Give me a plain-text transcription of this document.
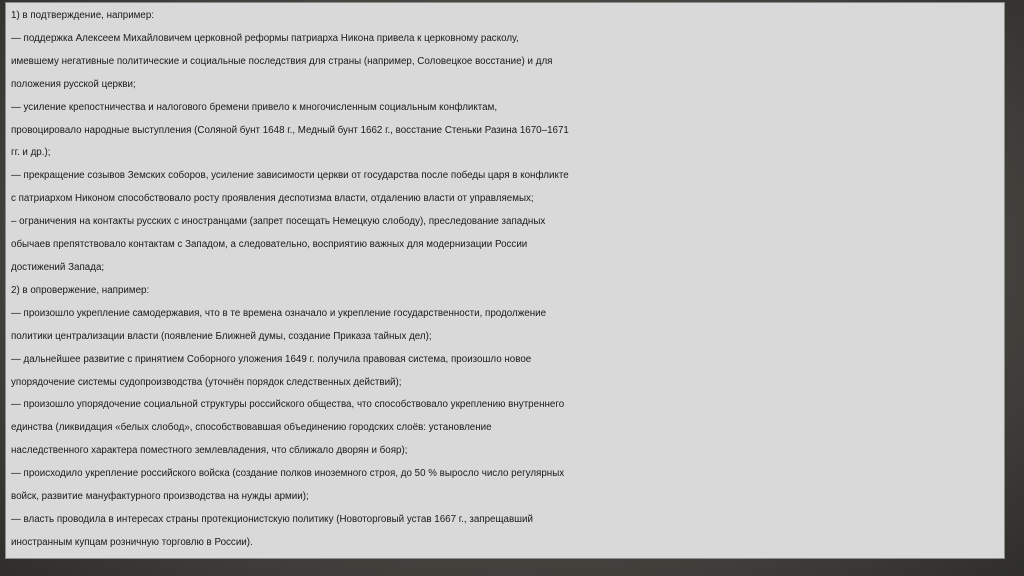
1) в подтверждение, например:
— поддержка Алексеем Михайловичем церковной реформы патриарха Никона привела к церковному расколу,
имевшему негативные политические и социальные последствия для страны (например, Соловецкое восстание) и для
положения русской церкви;
— усиление крепостничества и налогового бремени привело к многочисленным социальным конфликтам,
провоцировало народные выступления (Соляной бунт 1648 г., Медный бунт 1662 г., восстание Стеньки Разина 1670–1671
гг. и др.);
— прекращение созывов Земских соборов, усиление зависимости церкви от государства после победы царя в конфликте
с патриархом Никоном способствовало росту проявления деспотизма власти, отдалению власти от управляемых;
– ограничения на контакты русских с иностранцами (запрет посещать Немецкую слободу), преследование западных
обычаев препятствовало контактам с Западом, а следовательно, восприятию важных для модернизации России
достижений Запада;
2) в опровержение, например:
— произошло укрепление самодержавия, что в те времена означало и укрепление государственности, продолжение
политики централизации власти (появление Ближней думы, создание Приказа тайных дел);
— дальнейшее развитие с принятием Соборного уложения 1649 г. получила правовая система, произошло новое
упорядочение системы судопроизводства (уточнён порядок следственных действий);
— произошло упорядочение социальной структуры российского общества, что способствовало укреплению внутреннего
единства (ликвидация «белых слобод», способствовавшая объединению городских слоёв: установление
наследственного характера поместного землевладения, что сближало дворян и бояр);
— происходило укрепление российского войска (создание полков иноземного строя, до 50 % выросло число регулярных
войск, развитие мануфактурного производства на нужды армии);
— власть проводила в интересах страны протекционистскую политику (Новоторговый устав 1667 г., запрещавший
иностранным купцам розничную торговлю в России).
